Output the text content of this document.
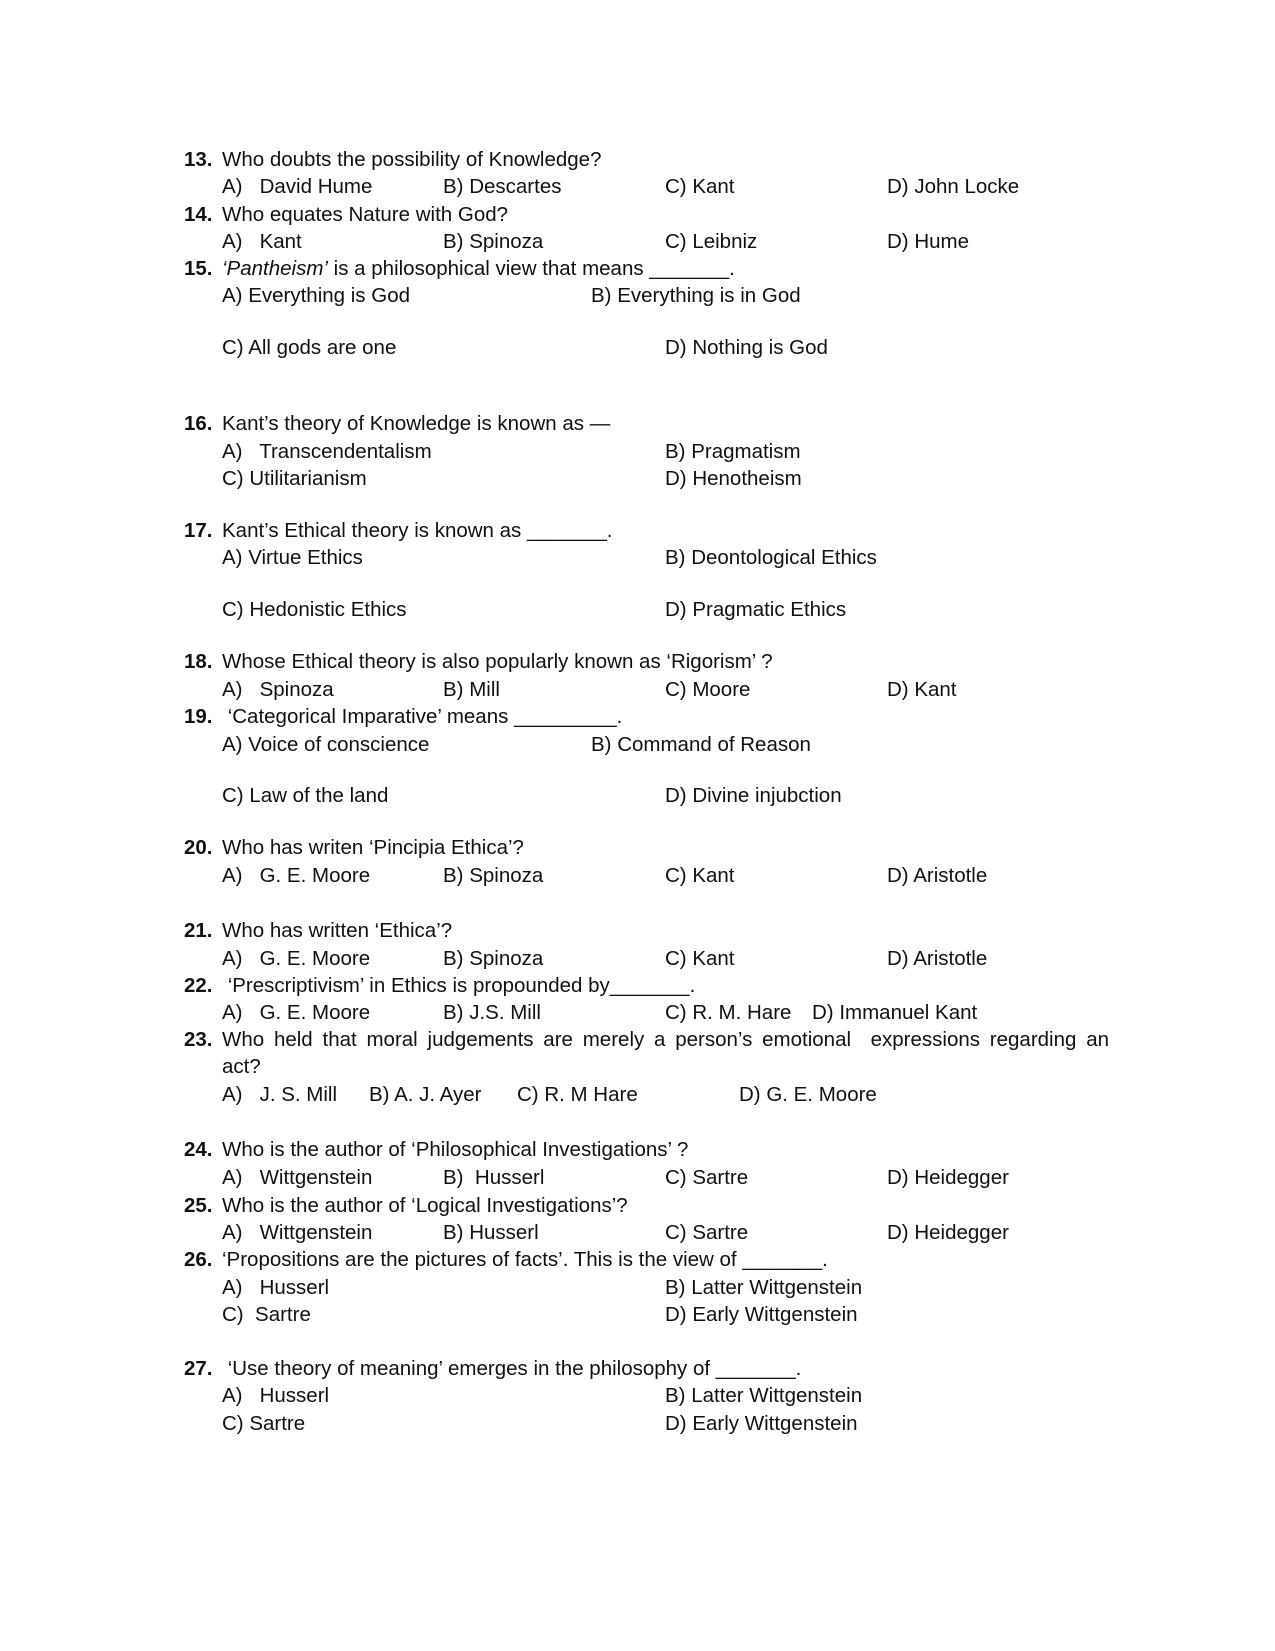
13. Who doubts the possibility of Knowledge?
A)   David Hume	B) Descartes	C) Kant	D) John Locke
14. Who equates Nature with God?
A)   Kant	B) Spinoza	C) Leibniz	D) Hume
15. ‘Pantheism’ is a philosophical view that means _______.
A) Everything is God	B) Everything is in God
C) All gods are one	D) Nothing is God
16. Kant’s theory of Knowledge is known as —
A)   Transcendentalism	B) Pragmatism
C) Utilitarianism	D) Henotheism
17. Kant’s Ethical theory is known as _______.
A) Virtue Ethics	B) Deontological Ethics
C) Hedonistic Ethics	D) Pragmatic Ethics
18. Whose Ethical theory is also popularly known as ‘Rigorism’ ?
A)   Spinoza	B) Mill	C) Moore	D) Kant
19. ‘Categorical Imparative’ means _________.
A) Voice of conscience	B) Command of Reason
C) Law of the land	D) Divine injubction
20. Who has writen ‘Pincipia Ethica’?
A)   G. E. Moore	B) Spinoza	C) Kant	D) Aristotle
21. Who has written ‘Ethica’?
A)   G. E. Moore	B) Spinoza	C) Kant	D) Aristotle
22. ‘Prescriptivism’ in Ethics is propounded by_______.
A)   G. E. Moore	B) J.S. Mill	C) R. M. Hare D) Immanuel Kant
23. Who held that moral judgements are merely a person’s emotional  expressions regarding an
act?
A)   J. S. Mill B) A. J. Ayer C) R. M Hare	D) G. E. Moore
24. Who is the author of ‘Philosophical Investigations’ ?
A)   Wittgenstein	B)  Husserl	C) Sartre	D) Heidegger
25. Who is the author of ‘Logical Investigations’?
A)   Wittgenstein	B) Husserl	C) Sartre	D) Heidegger
26. ‘Propositions are the pictures of facts’. This is the view of _______.
A)   Husserl	B) Latter Wittgenstein
C)  Sartre	D) Early Wittgenstein
27. ‘Use theory of meaning’ emerges in the philosophy of _______.
A)   Husserl	B) Latter Wittgenstein
C) Sartre	D) Early Wittgenstein
